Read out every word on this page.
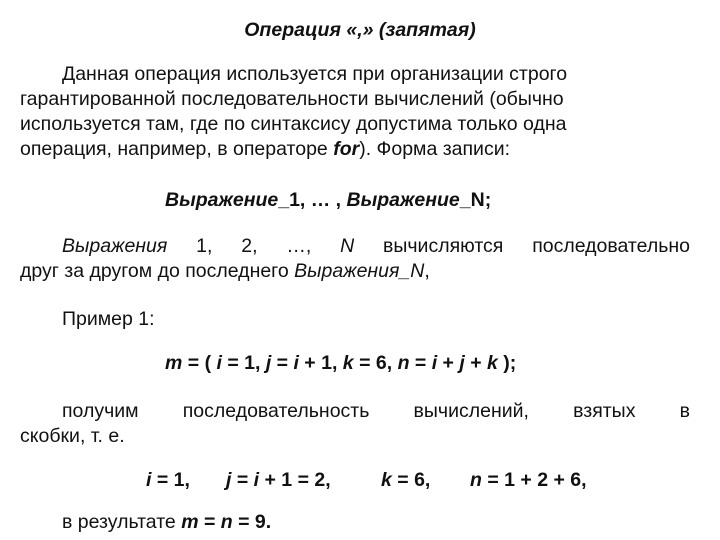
Операция «,» (запятая)
Данная операция используется при организации строго
гарантированной последовательности вычислений (обычно
используется там, где по синтаксису допустима только одна
операция, например, в операторе for). Форма записи:
Выражение_1, … , Выражение_N;
Выражения 1, 2, …, N вычисляются последовательно
друг за другом до последнего Выражения_N,
Пример 1:
m = ( i = 1, j = i + 1, k = 6, n = i + j + k );
получим последовательность вычислений, взятых в
скобки, т. е.
i = 1, j = i + 1 = 2,	k = 6, n = 1 + 2 + 6,
в результате m = n = 9.
